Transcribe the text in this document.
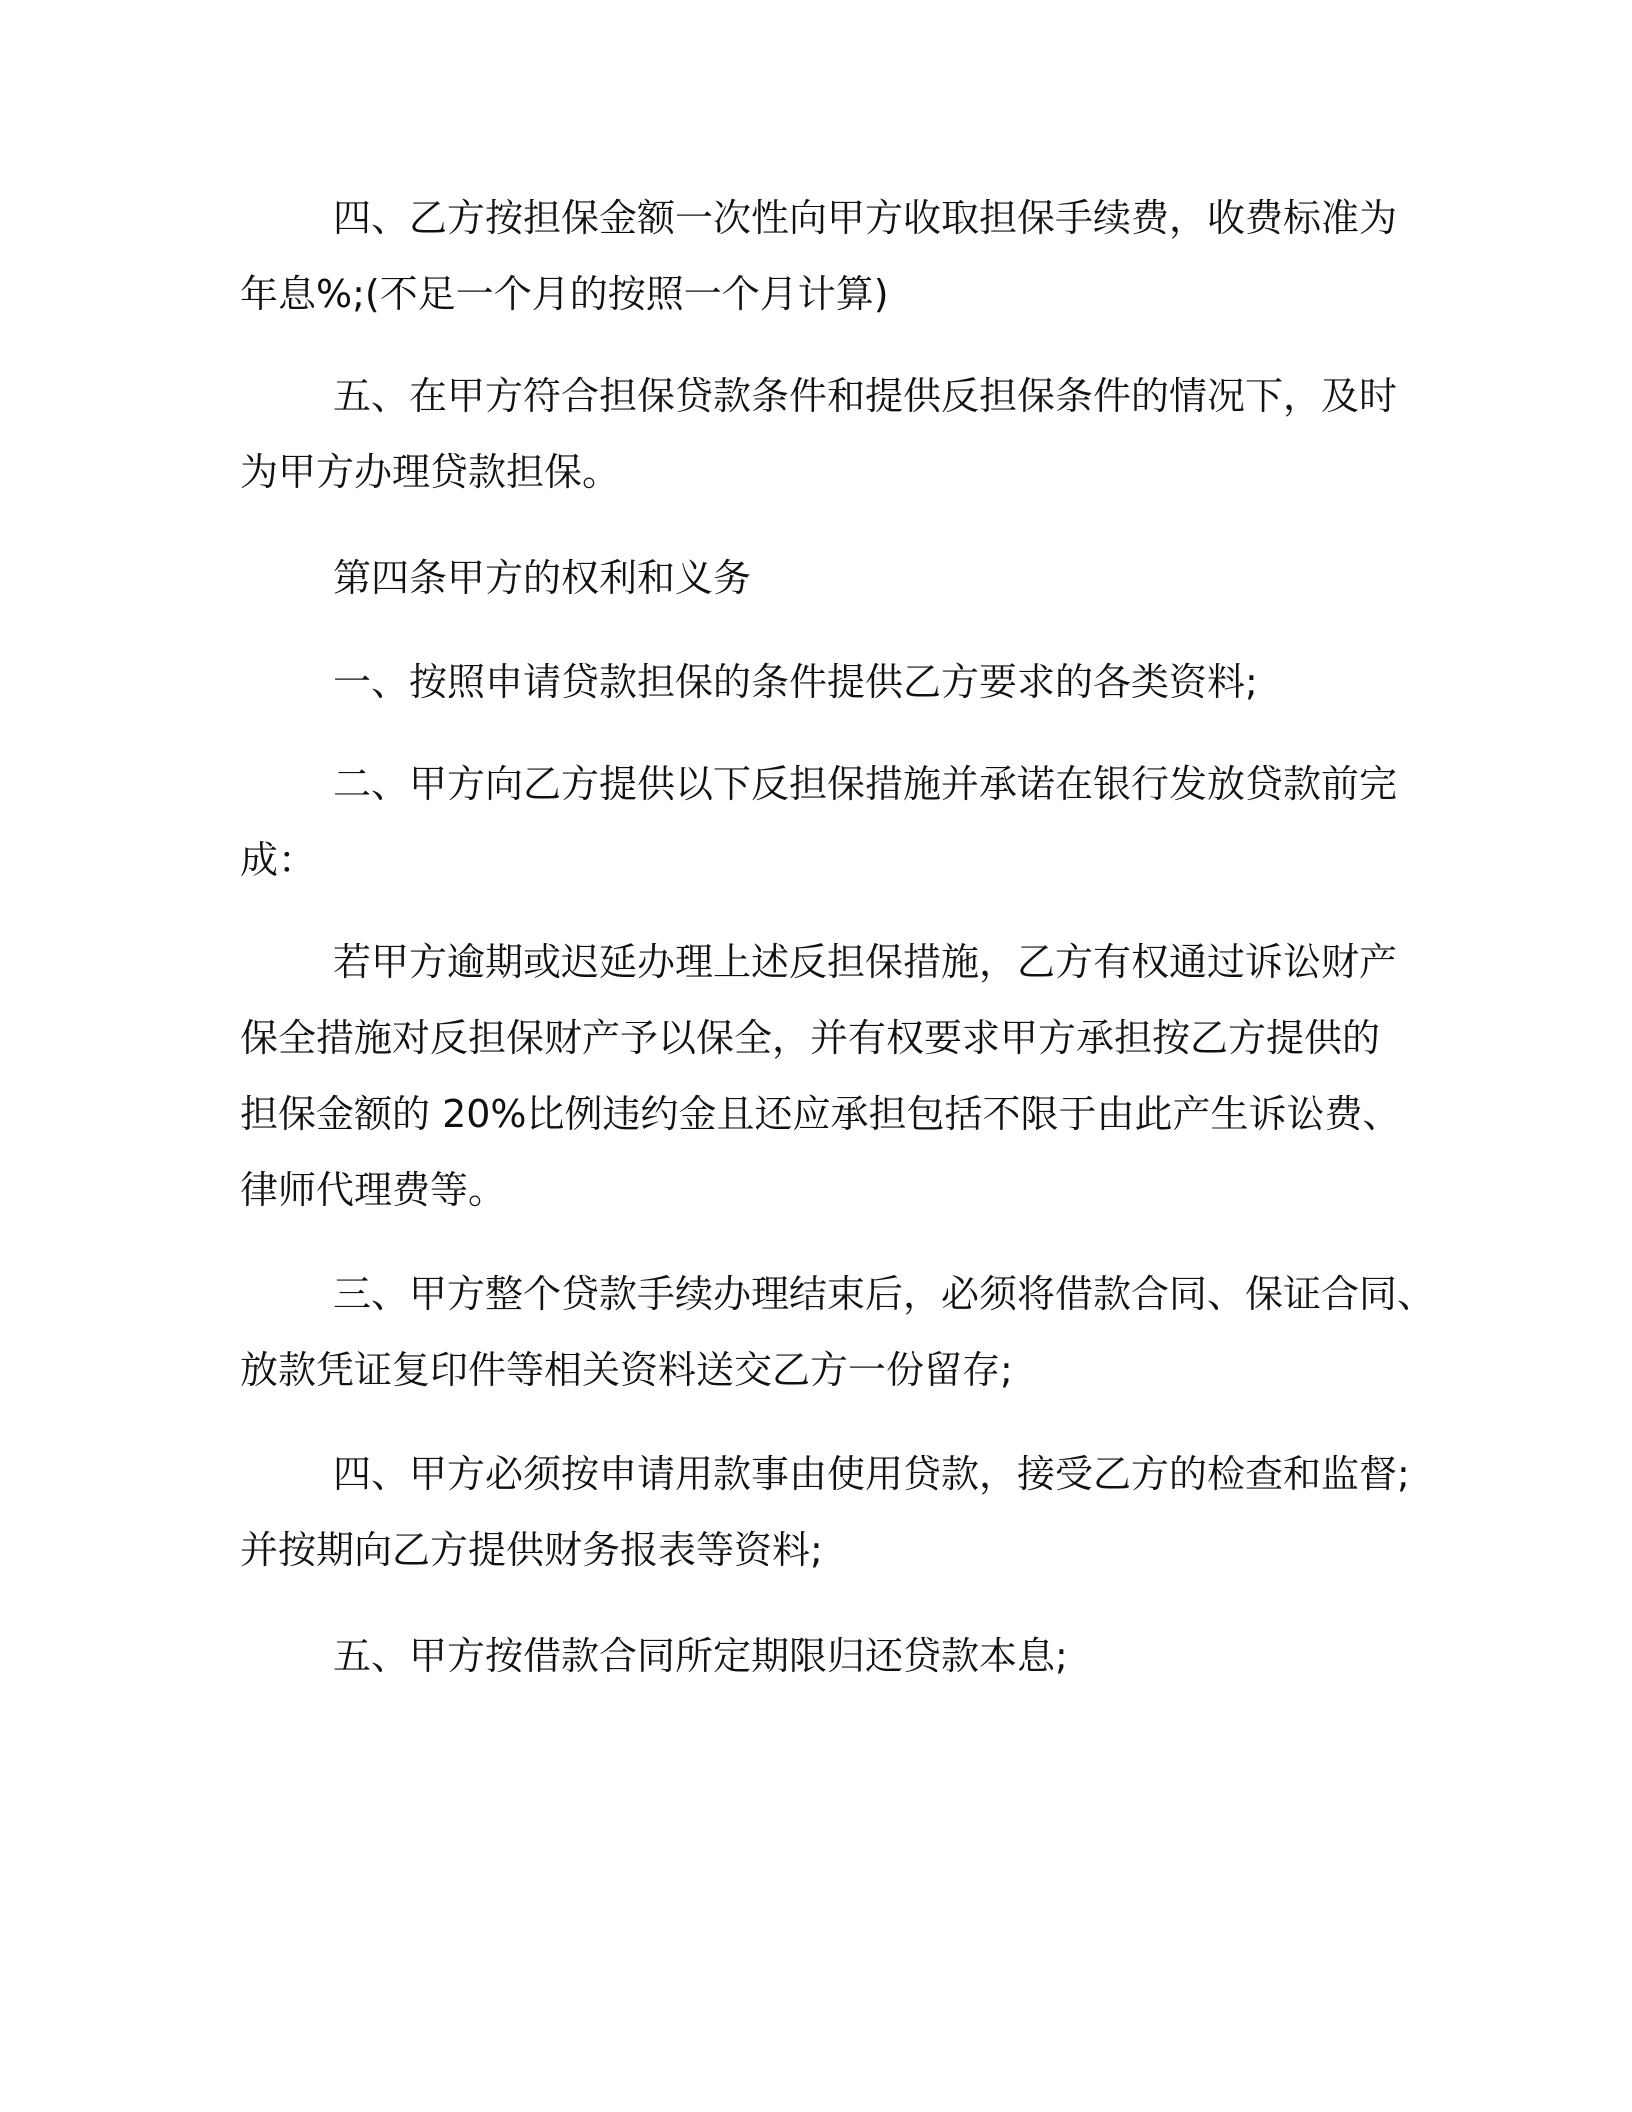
四、乙方按担保金额一次性向甲方收取担保手续费，收费标准为

年息%;(不足一个月的按照一个月计算)

五、在甲方符合担保贷款条件和提供反担保条件的情况下，及时

为甲方办理贷款担保。

第四条甲方的权利和义务

一、按照申请贷款担保的条件提供乙方要求的各类资料;

二、甲方向乙方提供以下反担保措施并承诺在银行发放贷款前完

成：

若甲方逾期或迟延办理上述反担保措施，乙方有权通过诉讼财产

保全措施对反担保财产予以保全，并有权要求甲方承担按乙方提供的

担保金额的 20%比例违约金且还应承担包括不限于由此产生诉讼费、

律师代理费等。

三、甲方整个贷款手续办理结束后，必须将借款合同、保证合同、

放款凭证复印件等相关资料送交乙方一份留存;

四、甲方必须按申请用款事由使用贷款，接受乙方的检查和监督;

并按期向乙方提供财务报表等资料;

五、甲方按借款合同所定期限归还贷款本息;
